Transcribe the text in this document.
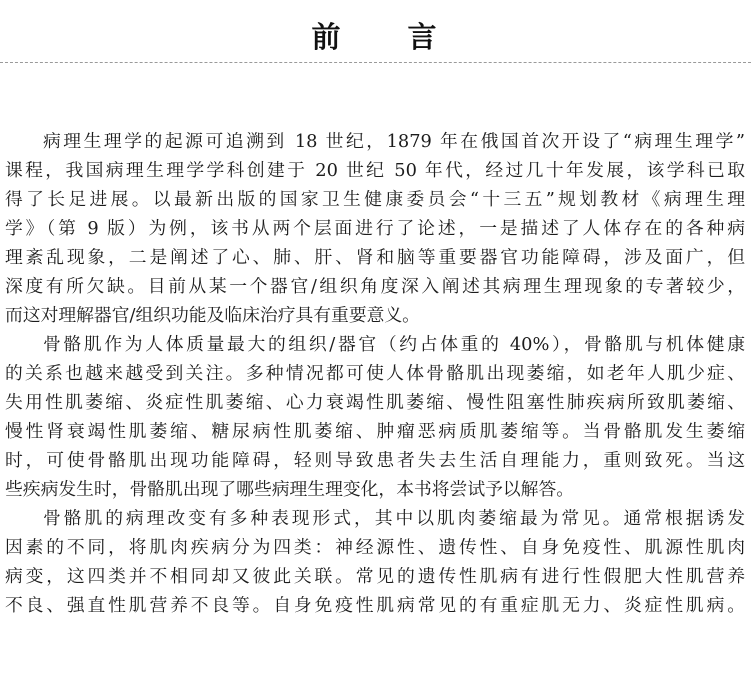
前 言
病理生理学的起源可追溯到 18 世纪，1879 年在俄国首次开设了“病理生理学”
课程，我国病理生理学学科创建于 20 世纪 50 年代，经过几十年发展，该学科已取
得了长足进展。以最新出版的国家卫生健康委员会“十三五”规划教材《病理生理
学》（第 9 版）为例，该书从两个层面进行了论述，一是描述了人体存在的各种病
理紊乱现象，二是阐述了心、肺、肝、肾和脑等重要器官功能障碍，涉及面广，但
深度有所欠缺。目前从某一个器官/组织角度深入阐述其病理生理现象的专著较少，
而这对理解器官/组织功能及临床治疗具有重要意义。
骨骼肌作为人体质量最大的组织/器官（约占体重的 40%），骨骼肌与机体健康
的关系也越来越受到关注。多种情况都可使人体骨骼肌出现萎缩，如老年人肌少症、
失用性肌萎缩、炎症性肌萎缩、心力衰竭性肌萎缩、慢性阻塞性肺疾病所致肌萎缩、
慢性肾衰竭性肌萎缩、糖尿病性肌萎缩、肿瘤恶病质肌萎缩等。当骨骼肌发生萎缩
时，可使骨骼肌出现功能障碍，轻则导致患者失去生活自理能力，重则致死。当这
些疾病发生时，骨骼肌出现了哪些病理生理变化，本书将尝试予以解答。
骨骼肌的病理改变有多种表现形式，其中以肌肉萎缩最为常见。通常根据诱发
因素的不同，将肌肉疾病分为四类：神经源性、遗传性、自身免疫性、肌源性肌肉
病变，这四类并不相同却又彼此关联。常见的遗传性肌病有进行性假肥大性肌营养
不良、强直性肌营养不良等。自身免疫性肌病常见的有重症肌无力、炎症性肌病。
